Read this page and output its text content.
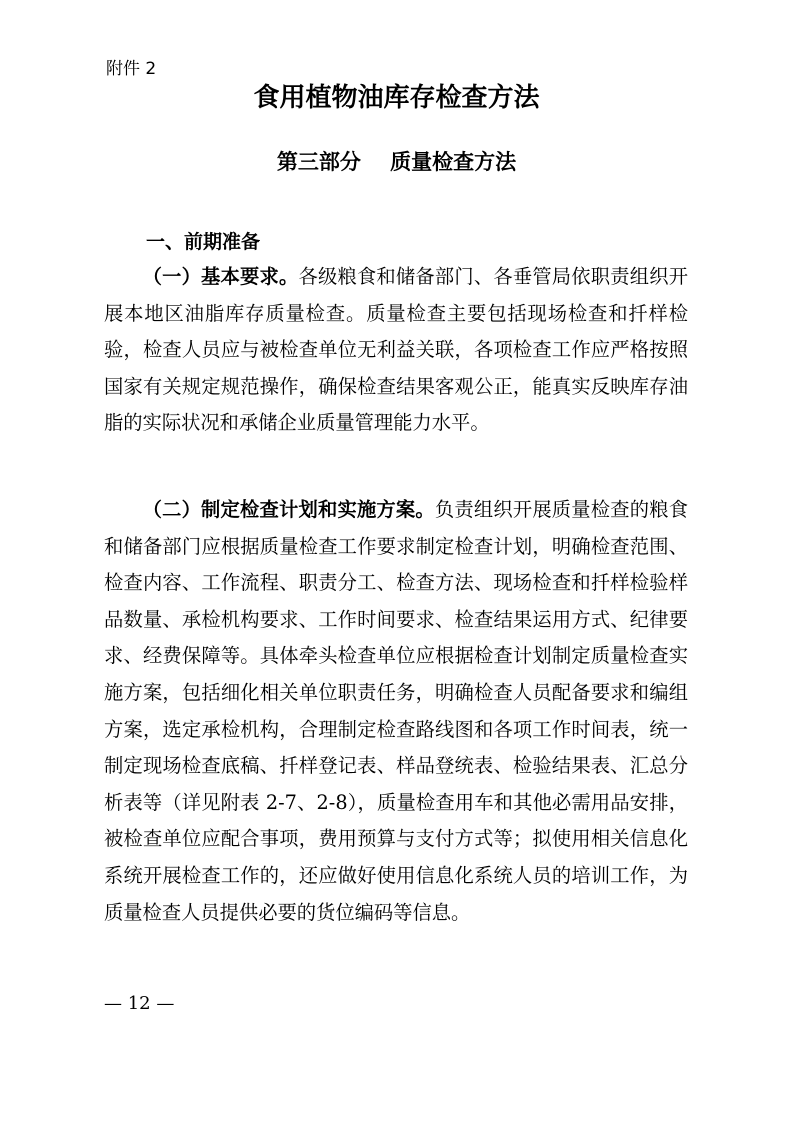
附件 2
食用植物油库存检查方法
第三部分    质量检查方法
一、前期准备

（一）基本要求。各级粮食和储备部门、各垂管局依职责组织开展本地区油脂库存质量检查。质量检查主要包括现场检查和扦样检验，检查人员应与被检查单位无利益关联，各项检查工作应严格按照国家有关规定规范操作，确保检查结果客观公正，能真实反映库存油脂的实际状况和承储企业质量管理能力水平。

（二）制定检查计划和实施方案。负责组织开展质量检查的粮食和储备部门应根据质量检查工作要求制定检查计划，明确检查范围、检查内容、工作流程、职责分工、检查方法、现场检查和扦样检验样品数量、承检机构要求、工作时间要求、检查结果运用方式、纪律要求、经费保障等。具体牵头检查单位应根据检查计划制定质量检查实施方案，包括细化相关单位职责任务，明确检查人员配备要求和编组方案，选定承检机构，合理制定检查路线图和各项工作时间表，统一制定现场检查底稿、扦样登记表、样品登统表、检验结果表、汇总分析表等（详见附表 2-7、2-8），质量检查用车和其他必需用品安排，被检查单位应配合事项，费用预算与支付方式等；拟使用相关信息化系统开展检查工作的，还应做好使用信息化系统人员的培训工作，为质量检查人员提供必要的货位编码等信息。

— 12 —
